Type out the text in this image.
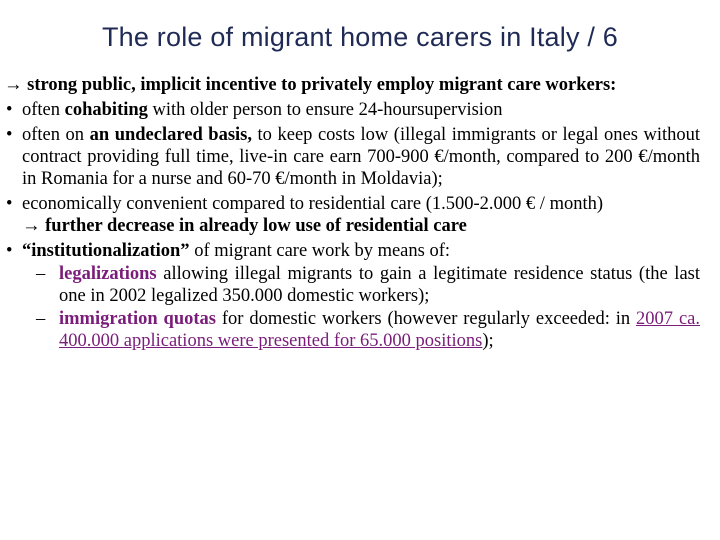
The role of migrant home carers in Italy / 6
→ strong public, implicit incentive to privately employ migrant care workers:
• often cohabiting with older person to ensure 24-hoursupervision
• often on an undeclared basis, to keep costs low (illegal immigrants or legal ones without contract providing full time, live-in care earn 700-900 €/month, compared to 200 €/month in Romania for a nurse and 60-70 €/month in Moldavia);
• economically convenient compared to residential care (1.500-2.000 € / month)
→ further decrease in already low use of residential care
• “institutionalization” of migrant care work by means of:
– legalizations allowing illegal migrants to gain a legitimate residence status (the last one in 2002 legalized 350.000 domestic workers);
– immigration quotas for domestic workers (however regularly exceeded: in 2007 ca. 400.000 applications were presented for 65.000 positions);
